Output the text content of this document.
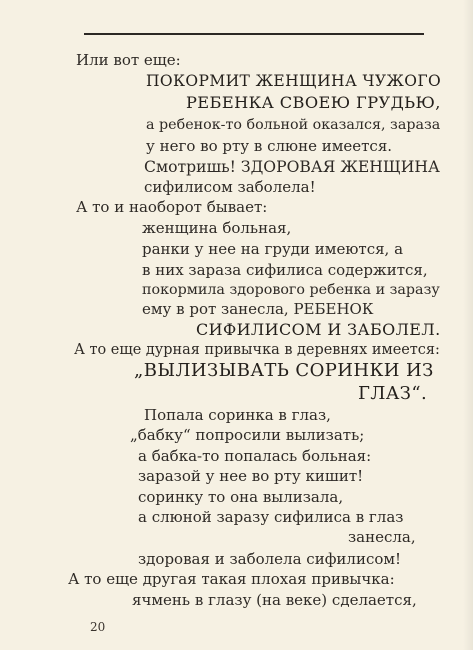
Или вот еще:
ПОКОРМИТ ЖЕНЩИНА ЧУЖОГО
РЕБЕНКА СВОЕЮ ГРУДЬЮ,
а ребенок-то больной оказался, зараза
у него во рту в слюне имеется.
Смотришь! ЗДОРОВАЯ ЖЕНЩИНА
сифилисом заболела!
А то и наоборот бывает:
женщина больная,
ранки у нее на груди имеются, а
в них зараза сифилиса содержится,
покормила здорового ребенка и заразу
ему в рот занесла, РЕБЕНОК
СИФИЛИСОМ И ЗАБОЛЕЛ.
А то еще дурная привычка в деревнях имеется:
„ВЫЛИЗЫВАТЬ СОРИНКИ ИЗ
ГЛАЗ“.
Попала соринка в глаз,
„бабку“ попросили вылизать;
а бабка-то попалась больная:
заразой у нее во рту кишит!
соринку то она вылизала,
а слюной заразу сифилиса в глаз
занесла,
здоровая и заболела сифилисом!
А то еще другая такая плохая привычка:
ячмень в глазу (на веке) сделается,
20
